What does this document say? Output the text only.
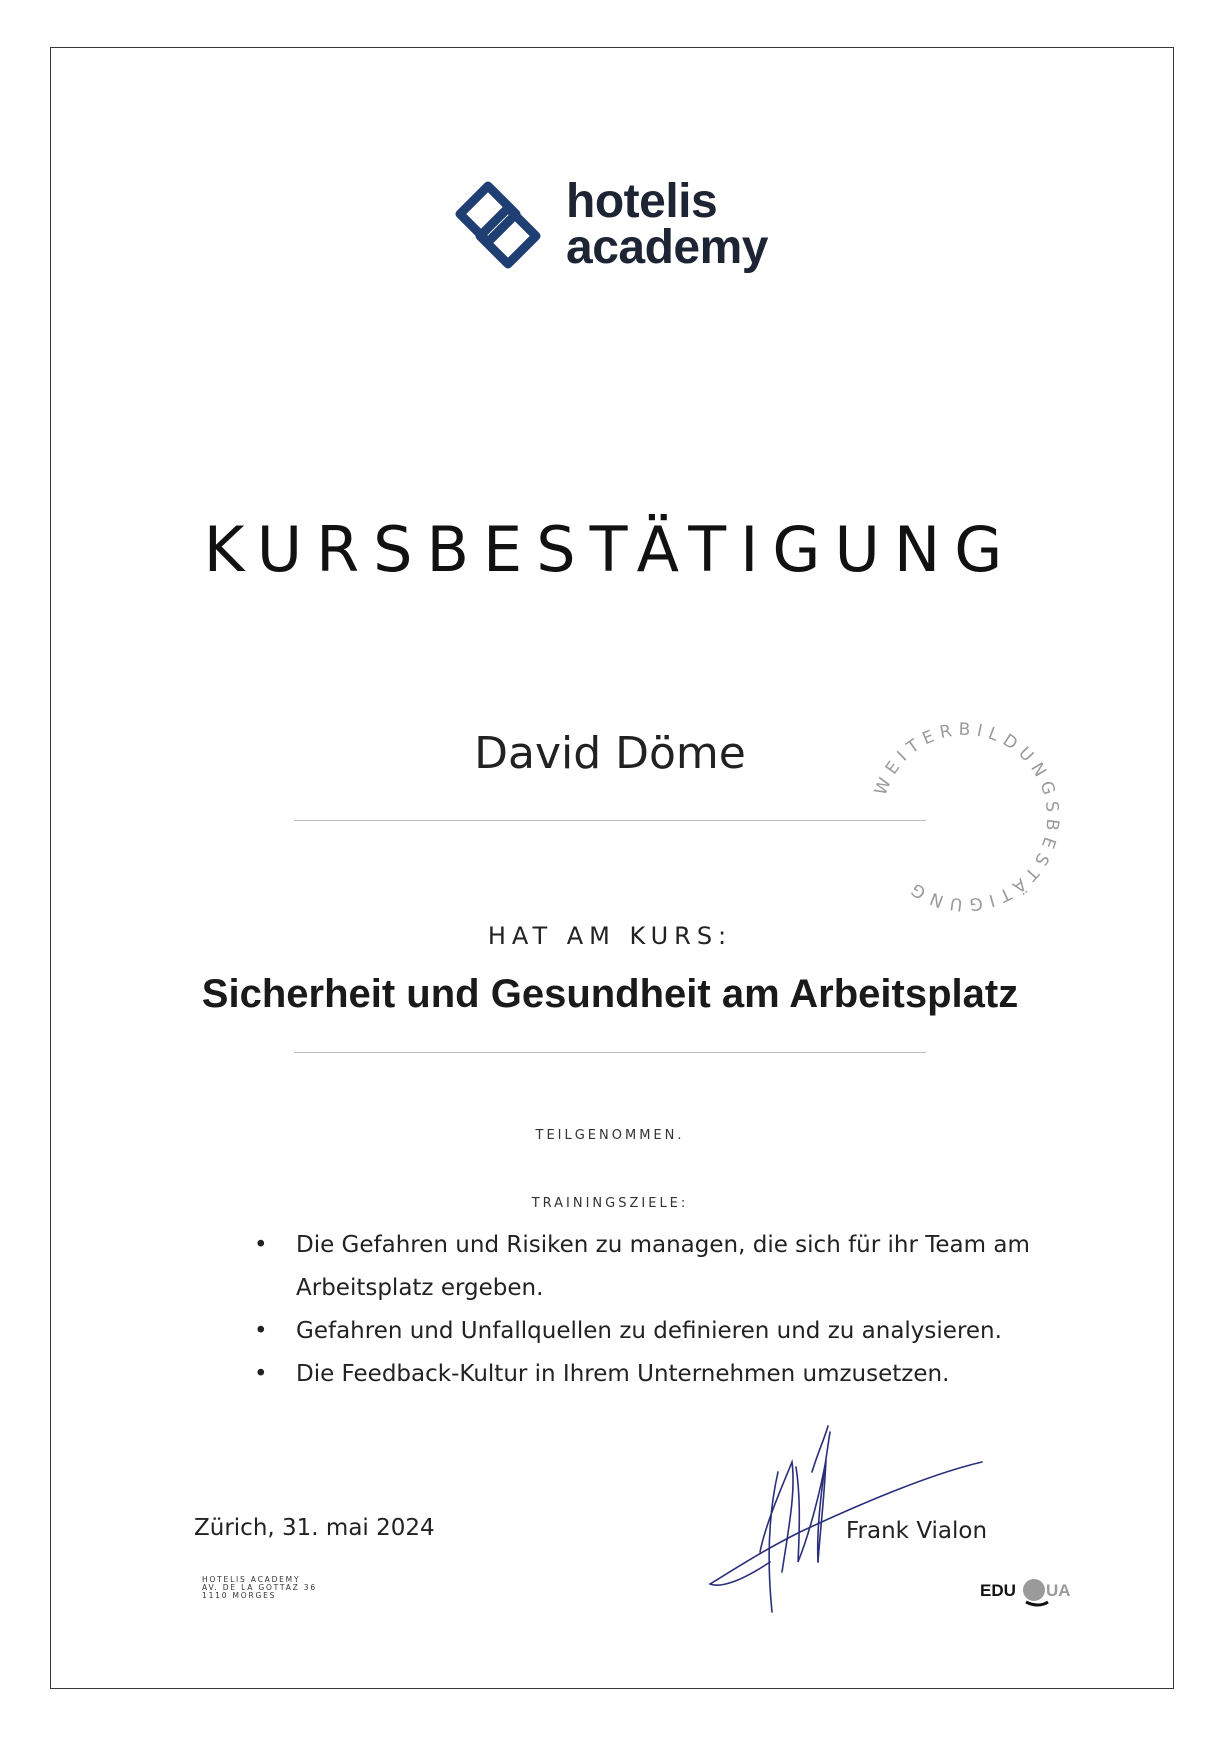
hotelis
academy
KURSBESTÄTIGUNG
David Döme
WEITERBILDUNGSBESTÄTIGUNG
HAT AM KURS:
Sicherheit und Gesundheit am Arbeitsplatz
TEILGENOMMEN.
TRAININGSZIELE:
• Die Gefahren und Risiken zu managen, die sich für ihr Team am Arbeitsplatz ergeben.
• Gefahren und Unfallquellen zu definieren und zu analysieren.
• Die Feedback-Kultur in Ihrem Unternehmen umzusetzen.
Zürich, 31. mai 2024
HOTELIS ACADEMY
AV. DE LA GOTTAZ 36
1110 MORGES
Frank Vialon
EDU UA
